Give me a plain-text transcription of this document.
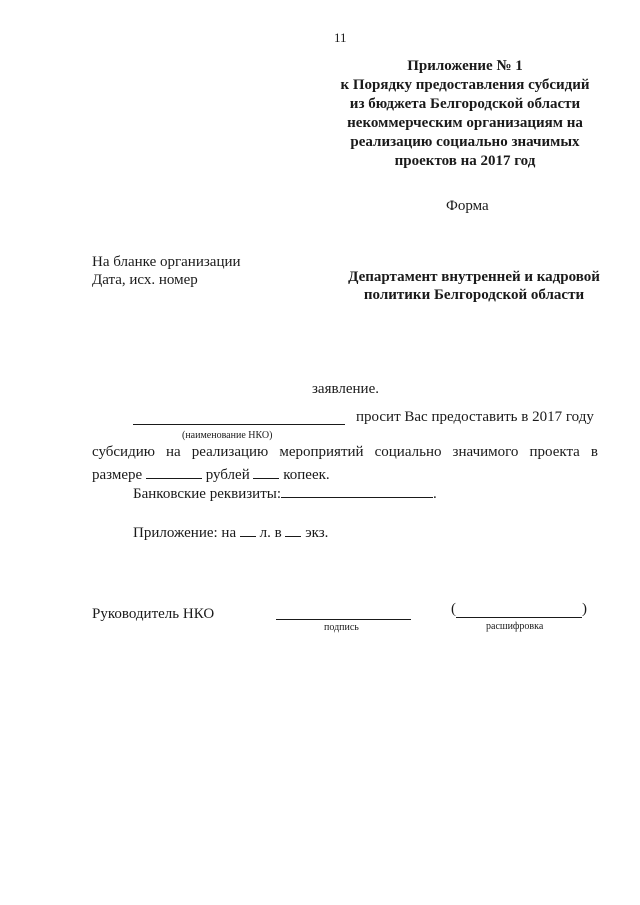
11
Приложение № 1
к Порядку предоставления субсидий
из бюджета Белгородской области
некоммерческим организациям на
реализацию социально значимых
проектов на 2017 год
Форма
На бланке организации
Дата, исх. номер	Департамент внутренней и кадровой
политики Белгородской области
заявление.
просит Вас предоставить в 2017 году
(наименование НКО)
субсидию на реализацию мероприятий социально значимого проекта в
размере	рублей копеек.
Банковские реквизиты:	.
Приложение: на л. в экз.
Руководитель НКО
подпись
(	)
расшифровка
